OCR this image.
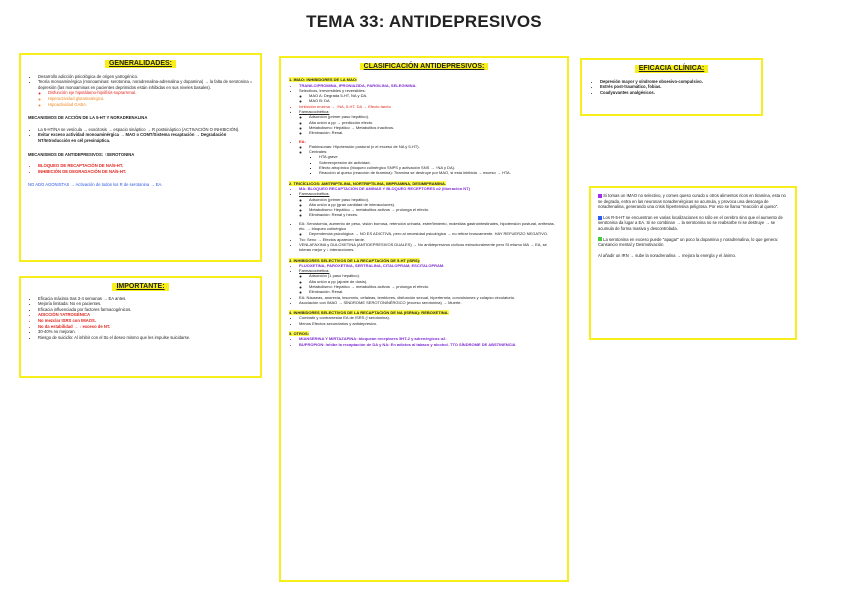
TEMA 33: ANTIDEPRESIVOS
GENERALIDADES:
• Desarrollo adicción psicológica de origen yatrogénico.
• Teoría monoaminérgica (monoaminas: serotonina, noradrenalina-adrenalina y dopamina) → la falta de serotonina = depresión (las monoaminas en pacientes deprimidos están inhibidas en sus niveles basales).
◦ Disfunción eje hipotálamo-hipófisis-suprarrenal.
◦ Hiperactividad glutamatérgica.
◦ Hipoactividad GABA.
MECANISMOS DE ACCIÓN DE LA 5-HT Y NORADRENALINA
• La 5-HT/NA se vesícula → exocitosis → espacio sináptico → R postsináptico (ACTIVACIÓN O INHIBICIÓN).
• Evitar exceso actividad monoaminérgica → MAO o COMT/Sistema recaptación → Degradación NT/Introducción en cél presináptica.
MECANISMOS DE ANTIDEPRESIVOS: ↑SEROTONINA
• BLOQUEO DE RECAPTACIÓN DE NA/5-HT.
• INHIBICIÓN DE DEGRADACIÓN DE NA/5-HT.
NO ADO AGONISTAS → Activación de todos los R de serotonina → EA.
IMPORTANTE:
• Eficacia máxima tras 3-4 semanas → EA antes.
• Mejoría limitada: No en pacientes.
• Eficacia influenciada por factores farmacogénicos.
• ADICCIÓN YATROGÉNICA
• No mezclar ISRS con IMAOS.
• No da estabilidad → ↓ exceso de NT.
• 30-40% no mejoran.
• Riesgo de suicidio: Al inhibir con el tto el deseo mismo que les impulse suicidarse.
CLASIFICACIÓN ANTIDEPRESIVOS:
1. IMAO: INHIBIDORES DE LA MAO:
• TRANILCIPROMINA, IPRONIAZIDA, PARGILINA, SELEGININA.
• Selectivos, irreversibles y reversibles.
◦ MAO A: Degrada 5-HT, NA y DA.
◦ MAO B: DA
• Inhibición enzima → ↑NA, 5-HT, DA → Efecto tardío
• Farmacocinética:
◦ Adsorción (primer paso hepático).
◦ Alta unión a pp → predicción efecto.
◦ Metabolismo: Hepático → Metabolitos inactivos.
◦ Eliminación: Renal.
• EA:
◦ Parkinsonas: Hipotensión postural (x el exceso de NA y 5-HT).
◦ Centrales:
▪ HTA grave
▪ Sobreexpresión de actividad.
▪ Efecto atropínico (bloqueo colinérgico SNPS y activación SNS → ↑NA y DA).
▪ Reacción al queso (reacción de tiramina): Tiramina se destruye por MAO, si esta inhibida → exceso → HTA.
2. TRICÍCLICOS: AMITRIPTILINA, NORTRIPTILINA, IMIPRAMINA, DESIMIPRAMINA.
• MA: BLOQUEO RECAPTACIÓN DE AMINAS Y BLOQUEO RECEPTORES α2 (liberación NT)
• Farmacocinética:
◦ Adsorción (primer paso hepático).
◦ Alta unión a pp (gran cantidad de interacciones).
◦ Metabolismo: Hepático → metabolitos activos → prolonga el efecto.
◦ Eliminación: Renal y heces.
• EA: Xerostomía, aumento de peso, visión borrosa, retención urinaria, estreñimiento, molestias gastrointestinales, hipotensión postural, arritmias, etc. → bloqueo colinérgico
◦ Dependencia psicológica → NO ES ADICTIVA, pero al necesidad psicológica → no retirar bruscamente. HAY REFUERZO NEGATIVO.
• Tto: Seno → Efectos aparecen tarde.
• VENLAFAXINA y DULOXETINA (ANTIDEPRESIVOS DUALES) → No antidepresivos cíclicos estructuralmente pero SI mismo MA → EA, se toleran mejor y ↓ interacciones.
3. INHIBIDORES SELECTIVOS DE LA RECAPTACIÓN DE 5-HT (ISRS):
• FLUOXETINA, PAROXETINA, SERTRALINA, CITALOPRAM, ESCITALOPRAM.
• Farmacocinética:
◦ Adsorción (1 paso hepático).
◦ Alta unión a pp (ajuste de dosis).
◦ Metabolismo: Hepático → metabolitos activos → prolonga el efecto.
◦ Eliminación: Renal.
• EA: Náuseas, anorexia, insomnio, cefaleas, temblores, disfunción sexual, hipertermia, convulsiones y colapso circulatorio.
• Asociación con IMAO → SÍNDROME SEROTONINÉRGICO (exceso serotonina) → Muerte.
4. INHIBIDORES SELECTIVOS DE LA RECAPTACIÓN DE NA (ISRNA): REBOXETINA.
• Combatir y contrarrestar EA de ISRS (↑serotonina).
• Menos Efectos secundarios y antidepresivo.
5. OTROS:
• MIANSERINA Y MIRTAZAPINA: bloquean receptores 5HT-2 y adrenérgicos α2.
• BUPROPION: Inhibe la recaptación de DA y NA: En adictos al tabaco y alcohol. TTO SÍNDROME DE ABSTINENCIA
EFICACIA CLÍNICA:
• Depresión mayor y síndrome obsesivo-compulsivo.
• Estrés post-traumático, fobias.
• Coadyuvantes analgésicos.
Si tomas un IMAO no selectivo, y comes queso curado u otros alimentos ricos en tiramina, esta no se degrada, entra en las neuronas noradrenérgicas se acumula, y provoca una descarga de noradrenalina, generando una crisis hipertensiva peligrosa. Por eso se llama "reacción al queso".
Los R-5-HT se encuentran en varias localizaciones no sólo en el cerebro sino que el aumento de serotonina da lugar a EA. Si se combinan → la serotonina no se reabsorbe ni se destruye → se acumula de forma masiva y descontrolada.
La serotonina en exceso puede "apagar" un poco la dopamina y noradrenalina, lo que genera: Cansancio mental y Desmotivación
Al añadir un IRN → sube la noradrenalina → mejora la energía y el ánimo.
